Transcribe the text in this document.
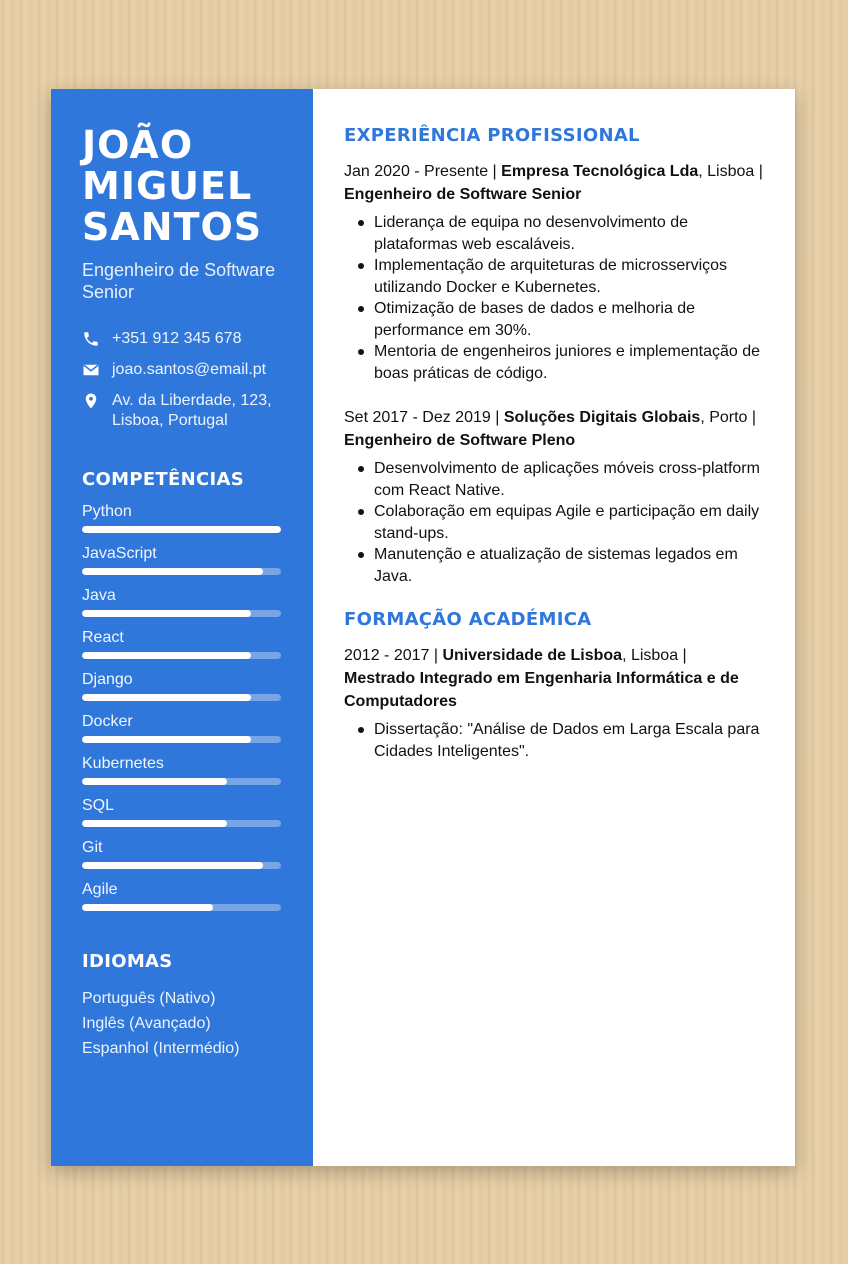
JOÃO
MIGUEL
SANTOS
Engenheiro de Software Senior
+351 912 345 678
joao.santos@email.pt
Av. da Liberdade, 123, Lisboa, Portugal
COMPETÊNCIAS
Python
JavaScript
Java
React
Django
Docker
Kubernetes
SQL
Git
Agile
IDIOMAS
Português (Nativo)
Inglês (Avançado)
Espanhol (Intermédio)
EXPERIÊNCIA PROFISSIONAL
Jan 2020 - Presente | Empresa Tecnológica Lda, Lisboa |
Engenheiro de Software Senior
Liderança de equipa no desenvolvimento de plataformas web escaláveis.
Implementação de arquiteturas de microsserviços utilizando Docker e Kubernetes.
Otimização de bases de dados e melhoria de performance em 30%.
Mentoria de engenheiros juniores e implementação de boas práticas de código.
Set 2017 - Dez 2019 | Soluções Digitais Globais, Porto |
Engenheiro de Software Pleno
Desenvolvimento de aplicações móveis cross-platform com React Native.
Colaboração em equipas Agile e participação em daily stand-ups.
Manutenção e atualização de sistemas legados em Java.
FORMAÇÃO ACADÉMICA
2012 - 2017 | Universidade de Lisboa, Lisboa |
Mestrado Integrado em Engenharia Informática e de Computadores
Dissertação: "Análise de Dados em Larga Escala para Cidades Inteligentes".
